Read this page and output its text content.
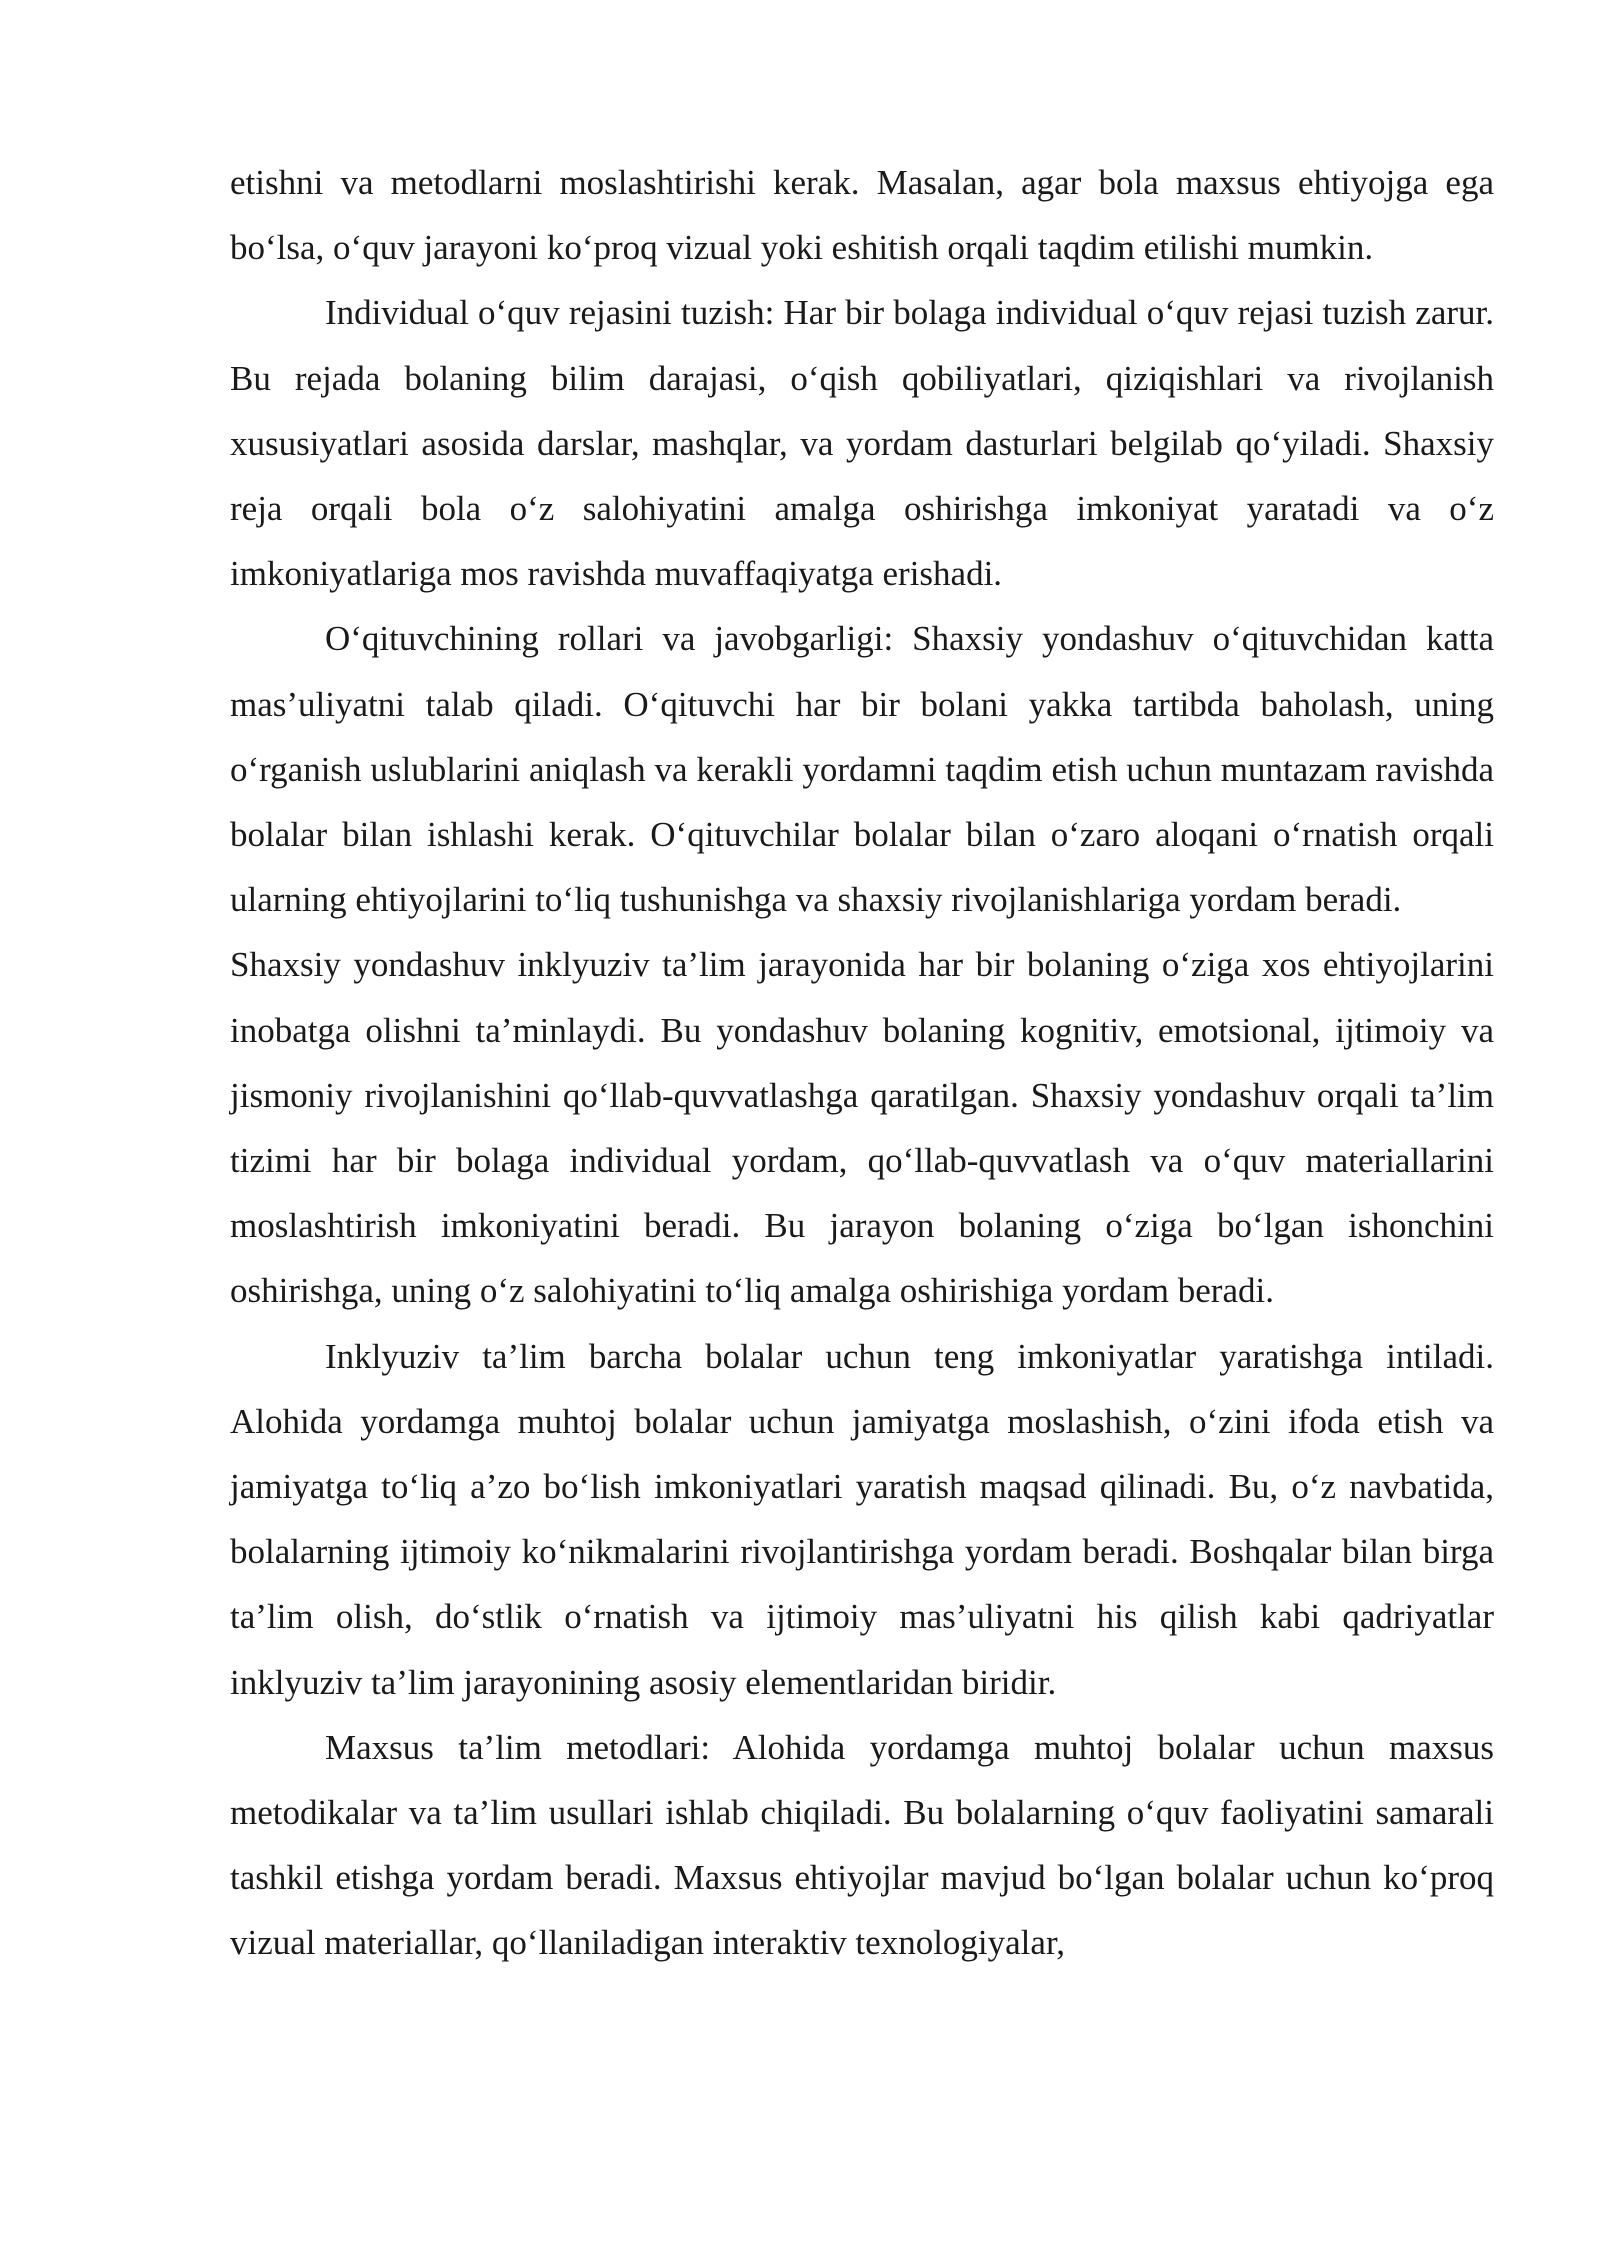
etishni va metodlarni moslashtirishi kerak. Masalan, agar bola maxsus ehtiyojga ega bo‘lsa, o‘quv jarayoni ko‘proq vizual yoki eshitish orqali taqdim etilishi mumkin.

Individual o‘quv rejasini tuzish: Har bir bolaga individual o‘quv rejasi tuzish zarur. Bu rejada bolaning bilim darajasi, o‘qish qobiliyatlari, qiziqishlari va rivojlanish xususiyatlari asosida darslar, mashqlar, va yordam dasturlari belgilab qo‘yiladi. Shaxsiy reja orqali bola o‘z salohiyatini amalga oshirishga imkoniyat yaratadi va o‘z imkoniyatlariga mos ravishda muvaffaqiyatga erishadi.

O‘qituvchining rollari va javobgarligi: Shaxsiy yondashuv o‘qituvchidan katta mas’uliyatni talab qiladi. O‘qituvchi har bir bolani yakka tartibda baholash, uning o‘rganish uslublarini aniqlash va kerakli yordamni taqdim etish uchun muntazam ravishda bolalar bilan ishlashi kerak. O‘qituvchilar bolalar bilan o‘zaro aloqani o‘rnatish orqali ularning ehtiyojlarini to‘liq tushunishga va shaxsiy rivojlanishlariga yordam beradi.

Shaxsiy yondashuv inklyuziv ta’lim jarayonida har bir bolaning o‘ziga xos ehtiyojlarini inobatga olishni ta’minlaydi. Bu yondashuv bolaning kognitiv, emotsional, ijtimoiy va jismoniy rivojlanishini qo‘llab-quvvatlashga qaratilgan. Shaxsiy yondashuv orqali ta’lim tizimi har bir bolaga individual yordam, qo‘llab-quvvatlash va o‘quv materiallarini moslashtirish imkoniyatini beradi. Bu jarayon bolaning o‘ziga bo‘lgan ishonchini oshirishga, uning o‘z salohiyatini to‘liq amalga oshirishiga yordam beradi.

Inklyuziv ta’lim barcha bolalar uchun teng imkoniyatlar yaratishga intiladi. Alohida yordamga muhtoj bolalar uchun jamiyatga moslashish, o‘zini ifoda etish va jamiyatga to‘liq a’zo bo‘lish imkoniyatlari yaratish maqsad qilinadi. Bu, o‘z navbatida, bolalarning ijtimoiy ko‘nikmalarini rivojlantirishga yordam beradi. Boshqalar bilan birga ta’lim olish, do‘stlik o‘rnatish va ijtimoiy mas’uliyatni his qilish kabi qadriyatlar inklyuziv ta’lim jarayonining asosiy elementlaridan biridir.

Maxsus ta’lim metodlari: Alohida yordamga muhtoj bolalar uchun maxsus metodikalar va ta’lim usullari ishlab chiqiladi. Bu bolalarning o‘quv faoliyatini samarali tashkil etishga yordam beradi. Maxsus ehtiyojlar mavjud bo‘lgan bolalar uchun ko‘proq vizual materiallar, qo‘llaniladigan interaktiv texnologiyalar,
